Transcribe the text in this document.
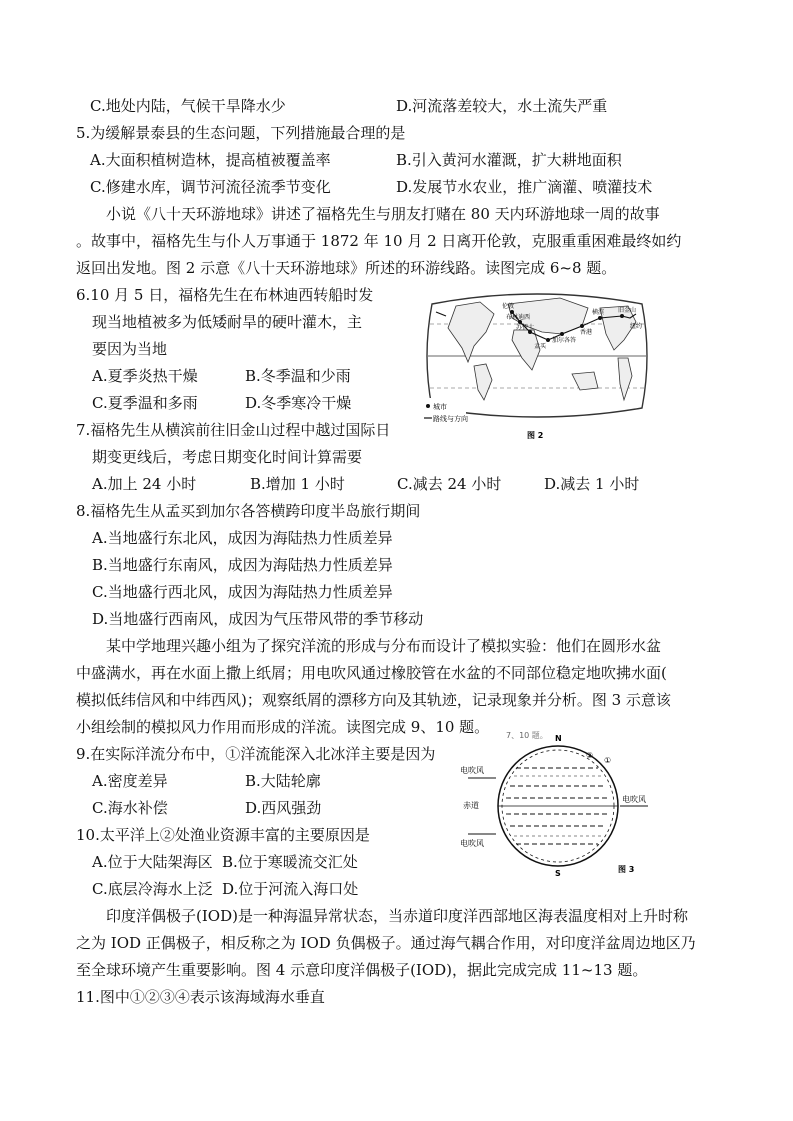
C.地处内陆，气候干旱降水少	D.河流落差较大，水土流失严重
5.为缓解景泰县的生态问题，下列措施最合理的是
A.大面积植树造林，提高植被覆盖率	B.引入黄河水灌溉，扩大耕地面积
C.修建水库，调节河流径流季节变化	D.发展节水农业，推广滴灌、喷灌技术
小说《八十天环游地球》讲述了福格先生与朋友打赌在 80 天内环游地球一周的故事
。故事中，福格先生与仆人万事通于 1872 年 10 月 2 日离开伦敦，克服重重困难最终如约
返回出发地。图 2 示意《八十天环游地球》所述的环游线路。读图完成 6~8 题。
6.10 月 5 日，福格先生在布林迪西转船时发
现当地植被多为低矮耐旱的硬叶灌木，主
要因为当地
A.夏季炎热干燥	B.冬季温和少雨
C.夏季温和多雨	D.冬季寒冷干燥
伦敦
布林迪西
苏伊士
孟买
加尔各答
香港
横滨 旧金山
纽约
城市
路线与方向
图 2
7.福格先生从横滨前往旧金山过程中越过国际日
期变更线后，考虑日期变化时间计算需要
A.加上 24 小时	B.增加 1 小时	C.减去 24 小时	D.减去 1 小时
8.福格先生从孟买到加尔各答横跨印度半岛旅行期间
A.当地盛行东北风，成因为海陆热力性质差异
B.当地盛行东南风，成因为海陆热力性质差异
C.当地盛行西北风，成因为海陆热力性质差异
D.当地盛行西南风，成因为气压带风带的季节移动
某中学地理兴趣小组为了探究洋流的形成与分布而设计了模拟实验：他们在圆形水盆
中盛满水，再在水面上撒上纸屑；用电吹风通过橡胶管在水盆的不同部位稳定地吹拂水面(
模拟低纬信风和中纬西风)；观察纸屑的漂移方向及其轨迹，记录现象并分析。图 3 示意该
小组绘制的模拟风力作用而形成的洋流。读图完成 9、10 题。 7、10 题。 N
S
电吹风
赤道
电吹风
电吹风
①
②
图 3
9.在实际洋流分布中，①洋流能深入北冰洋主要是因为
A.密度差异	B.大陆轮廓
C.海水补偿	D.西风强劲
10.太平洋上②处渔业资源丰富的主要原因是
A.位于大陆架海区 B.位于寒暖流交汇处
C.底层冷海水上泛 D.位于河流入海口处
印度洋偶极子(IOD)是一种海温异常状态，当赤道印度洋西部地区海表温度相对上升时称
之为 IOD 正偶极子，相反称之为 IOD 负偶极子。通过海气耦合作用，对印度洋盆周边地区乃
至全球环境产生重要影响。图 4 示意印度洋偶极子(IOD)，据此完成完成 11~13 题。
11.图中①②③④表示该海域海水垂直
